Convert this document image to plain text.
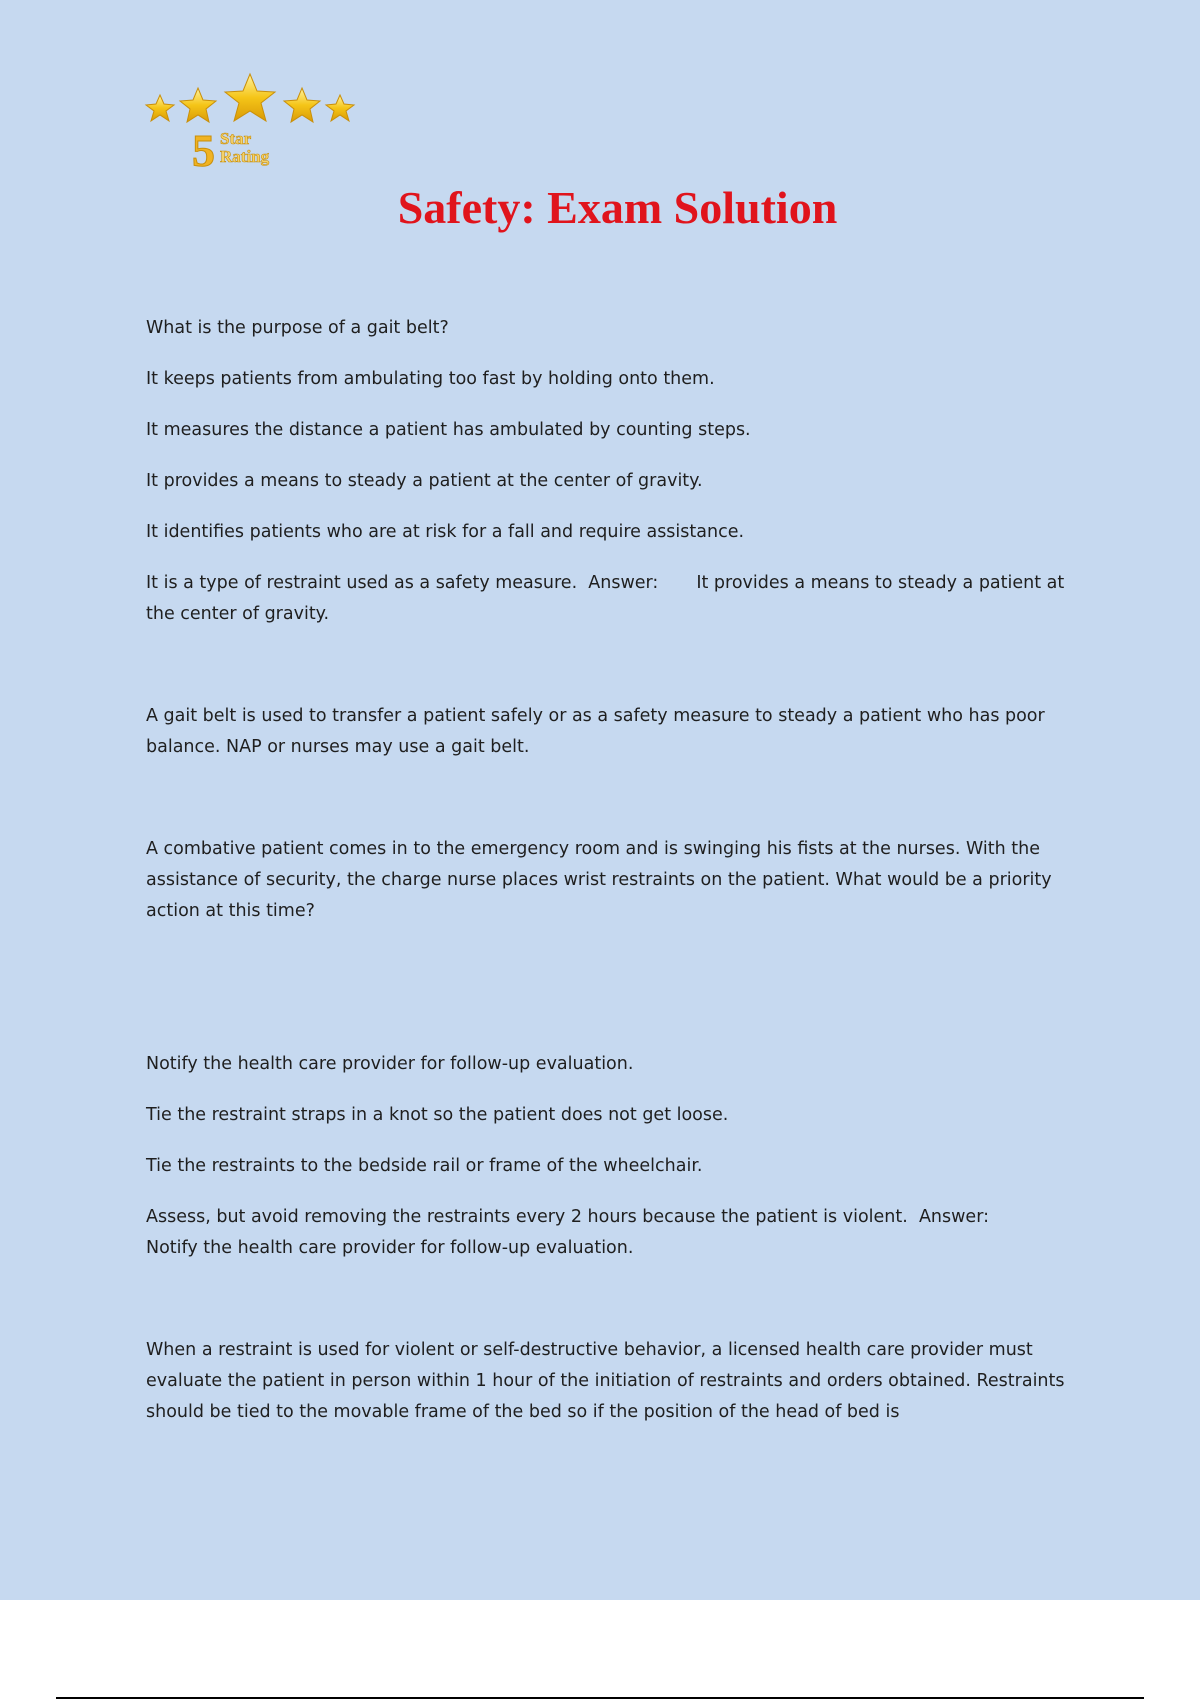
5 Star
Rating
Safety: Exam Solution

What is the purpose of a gait belt?

It keeps patients from ambulating too fast by holding onto them.

It measures the distance a patient has ambulated by counting steps.

It provides a means to steady a patient at the center of gravity.

It identifies patients who are at risk for a fall and require assistance.

It is a type of restraint used as a safety measure. Answer: It provides a means to steady a patient at the center of gravity.

A gait belt is used to transfer a patient safely or as a safety measure to steady a patient who has poor balance. NAP or nurses may use a gait belt.

A combative patient comes in to the emergency room and is swinging his fists at the nurses. With the assistance of security, the charge nurse places wrist restraints on the patient. What would be a priority action at this time?

Notify the health care provider for follow-up evaluation.

Tie the restraint straps in a knot so the patient does not get loose.

Tie the restraints to the bedside rail or frame of the wheelchair.

Assess, but avoid removing the restraints every 2 hours because the patient is violent. Answer:
Notify the health care provider for follow-up evaluation.

When a restraint is used for violent or self-destructive behavior, a licensed health care provider must evaluate the patient in person within 1 hour of the initiation of restraints and orders obtained. Restraints should be tied to the movable frame of the bed so if the position of the head of bed is
